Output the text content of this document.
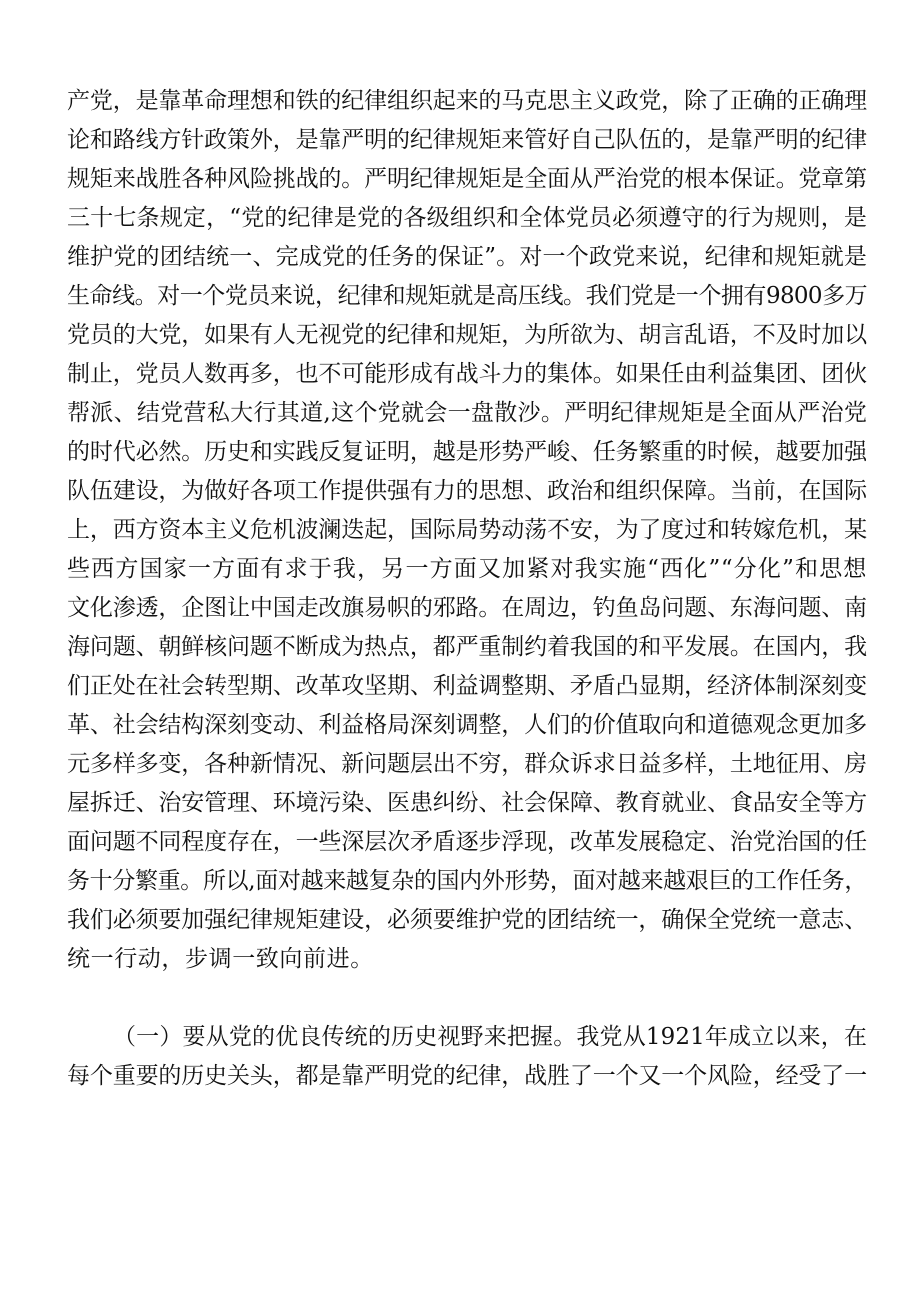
产党，是靠革命理想和铁的纪律组织起来的马克思主义政党，除了正确的正确理
论和路线方针政策外，是靠严明的纪律规矩来管好自己队伍的，是靠严明的纪律
规矩来战胜各种风险挑战的。严明纪律规矩是全面从严治党的根本保证。党章第
三十七条规定，“党的纪律是党的各级组织和全体党员必须遵守的行为规则，是
维护党的团结统一、完成党的任务的保证”。对一个政党来说，纪律和规矩就是
生命线。对一个党员来说，纪律和规矩就是高压线。我们党是一个拥有9800多万
党员的大党，如果有人无视党的纪律和规矩，为所欲为、胡言乱语，不及时加以
制止，党员人数再多，也不可能形成有战斗力的集体。如果任由利益集团、团伙
帮派、结党营私大行其道,这个党就会一盘散沙。严明纪律规矩是全面从严治党
的时代必然。历史和实践反复证明，越是形势严峻、任务繁重的时候，越要加强
队伍建设，为做好各项工作提供强有力的思想、政治和组织保障。当前，在国际
上，西方资本主义危机波澜迭起，国际局势动荡不安，为了度过和转嫁危机，某
些西方国家一方面有求于我，另一方面又加紧对我实施“西化”“分化”和思想
文化渗透，企图让中国走改旗易帜的邪路。在周边，钓鱼岛问题、东海问题、南
海问题、朝鲜核问题不断成为热点，都严重制约着我国的和平发展。在国内，我
们正处在社会转型期、改革攻坚期、利益调整期、矛盾凸显期，经济体制深刻变
革、社会结构深刻变动、利益格局深刻调整，人们的价值取向和道德观念更加多
元多样多变，各种新情况、新问题层出不穷，群众诉求日益多样，土地征用、房
屋拆迁、治安管理、环境污染、医患纠纷、社会保障、教育就业、食品安全等方
面问题不同程度存在，一些深层次矛盾逐步浮现，改革发展稳定、治党治国的任
务十分繁重。所以,面对越来越复杂的国内外形势，面对越来越艰巨的工作任务，
我们必须要加强纪律规矩建设，必须要维护党的团结统一，确保全党统一意志、
统一行动，步调一致向前进。
（一）要从党的优良传统的历史视野来把握。我党从1921年成立以来，在
每个重要的历史关头，都是靠严明党的纪律，战胜了一个又一个风险，经受了一
